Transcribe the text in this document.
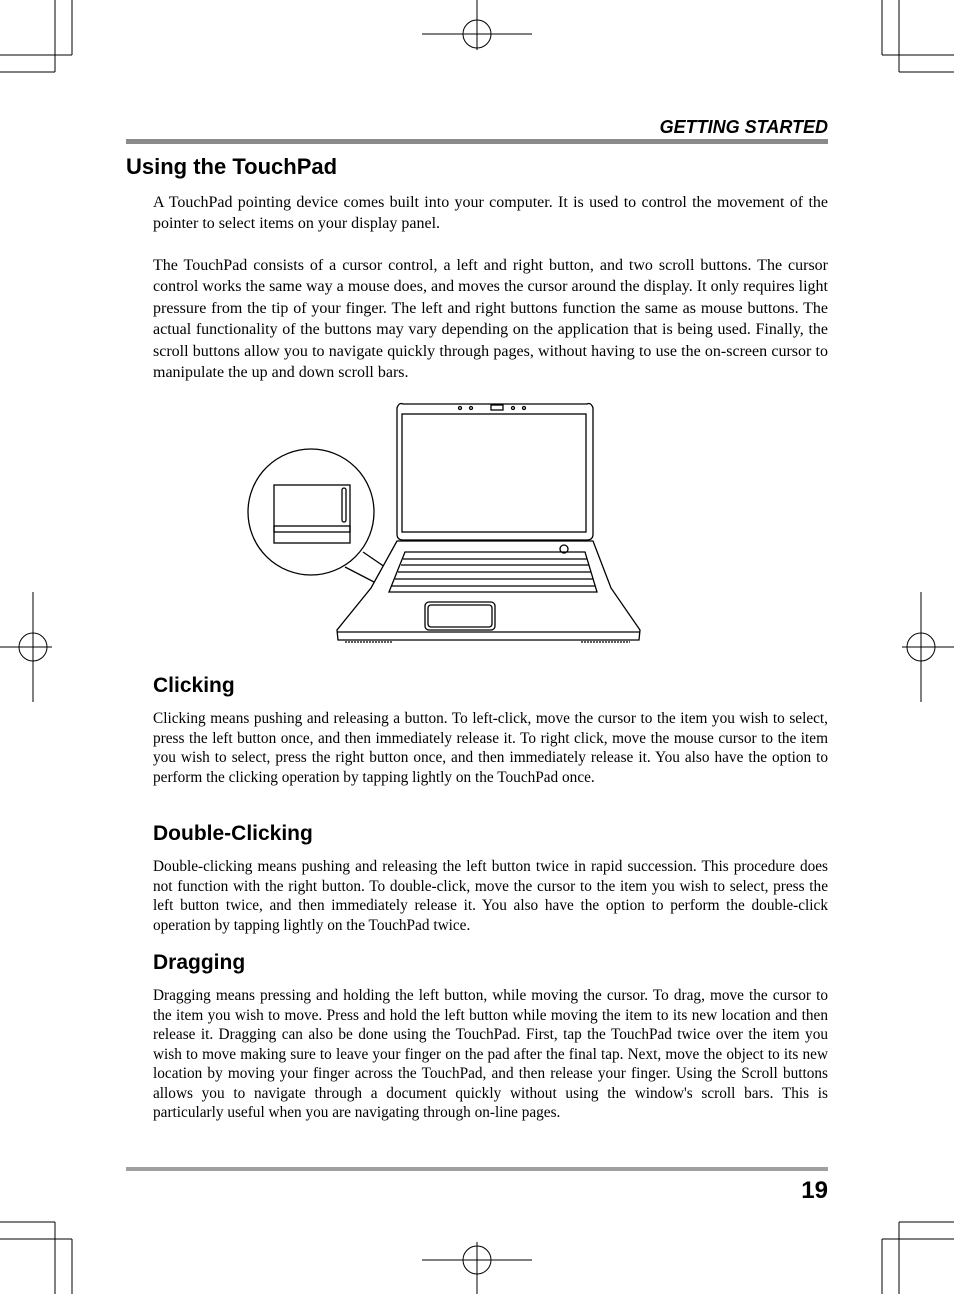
GETTING STARTED
Using the TouchPad

A TouchPad pointing device comes built into your computer. It is used to control the movement of the pointer to select items on your display panel.

The TouchPad consists of a cursor control, a left and right button, and two scroll buttons. The cursor control works the same way a mouse does, and moves the cursor around the display. It only requires light pressure from the tip of your finger. The left and right buttons function the same as mouse buttons. The actual functionality of the buttons may vary depending on the application that is being used. Finally, the scroll buttons allow you to navigate quickly through pages, without having to use the on-screen cursor to manipulate the up and down scroll bars.

Clicking

Clicking means pushing and releasing a button. To left-click, move the cursor to the item you wish to select, press the left button once, and then immediately release it. To right click, move the mouse cursor to the item you wish to select, press the right button once, and then immediately release it. You also have the option to perform the clicking operation by tapping lightly on the TouchPad once.

Double-Clicking

Double-clicking means pushing and releasing the left button twice in rapid succession. This procedure does not function with the right button. To double-click, move the cursor to the item you wish to select, press the left button twice, and then immediately release it. You also have the option to perform the double-click operation by tapping lightly on the TouchPad twice.

Dragging

Dragging means pressing and holding the left button, while moving the cursor. To drag, move the cursor to the item you wish to move. Press and hold the left button while moving the item to its new location and then release it. Dragging can also be done using the TouchPad. First, tap the TouchPad twice over the item you wish to move making sure to leave your finger on the pad after the final tap. Next, move the object to its new location by moving your finger across the TouchPad, and then release your finger. Using the Scroll buttons allows you to navigate through a document quickly without using the window's scroll bars. This is particularly useful when you are navigating through on-line pages.

19
